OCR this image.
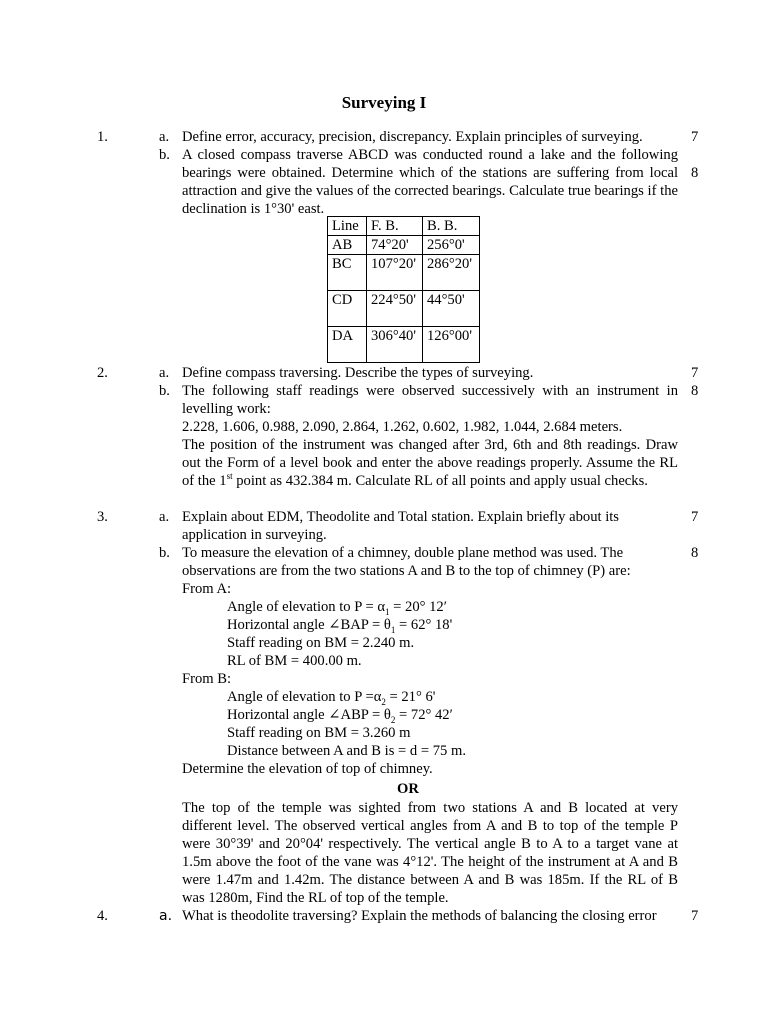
Surveying I
1.	a. Define error, accuracy, precision, discrepancy. Explain principles of surveying.	7
b. A closed compass traverse ABCD was conducted round a lake and the following bearings were obtained. Determine which of the stations are suffering from local attraction and give the values of the corrected bearings. Calculate true bearings if the declination is 1°30' east.
8
Line	F. B.	B. B.
AB	74°20'	256°0'
BC	107°20'	286°20'
CD	224°50'	44°50'
DA	306°40'	126°00'
2.	a. Define compass traversing. Describe the types of surveying.	7
b. The following staff readings were observed successively with an instrument in levelling work:
2.228, 1.606, 0.988, 2.090, 2.864, 1.262, 0.602, 1.982, 1.044, 2.684 meters.
The position of the instrument was changed after 3rd, 6th and 8th readings. Draw out the Form of a level book and enter the above readings properly. Assume the RL of the 1st point as 432.384 m. Calculate RL of all points and apply usual checks.
8
3.	a. Explain about EDM, Theodolite and Total station. Explain briefly about its application in surveying.
7
b. To measure the elevation of a chimney, double plane method was used. The observations are from the two stations A and B to the top of chimney (P) are:
8
From A:
Angle of elevation to $P = \alpha_1 = 20^\circ$ 12′
Horizontal angle ∠BAP = $\theta_1 = 62^\circ$ 18'
Staff reading on BM = 2.240 m.
RL of BM = 400.00 m.
From B:
Angle of elevation to $P =\alpha_2 = 21^\circ$ 6'
Horizontal angle ∠ABP = $\theta_2 = 72^\circ$ 42′
Staff reading on BM = 3.260 m
Distance between A and B is = d = 75 m.
Determine the elevation of top of chimney.
OR
The top of the temple was sighted from two stations A and B located at very different level. The observed vertical angles from A and B to top of the temple P were 30°39' and 20°04' respectively. The vertical angle B to A to a target vane at 1.5m above the foot of the vane was 4°12'. The height of the instrument at A and B were 1.47m and 1.42m. The distance between A and B was 185m. If the RL of B was 1280m, Find the RL of top of the temple.
4.	a. What is theodolite traversing? Explain the methods of balancing the closing error	7
